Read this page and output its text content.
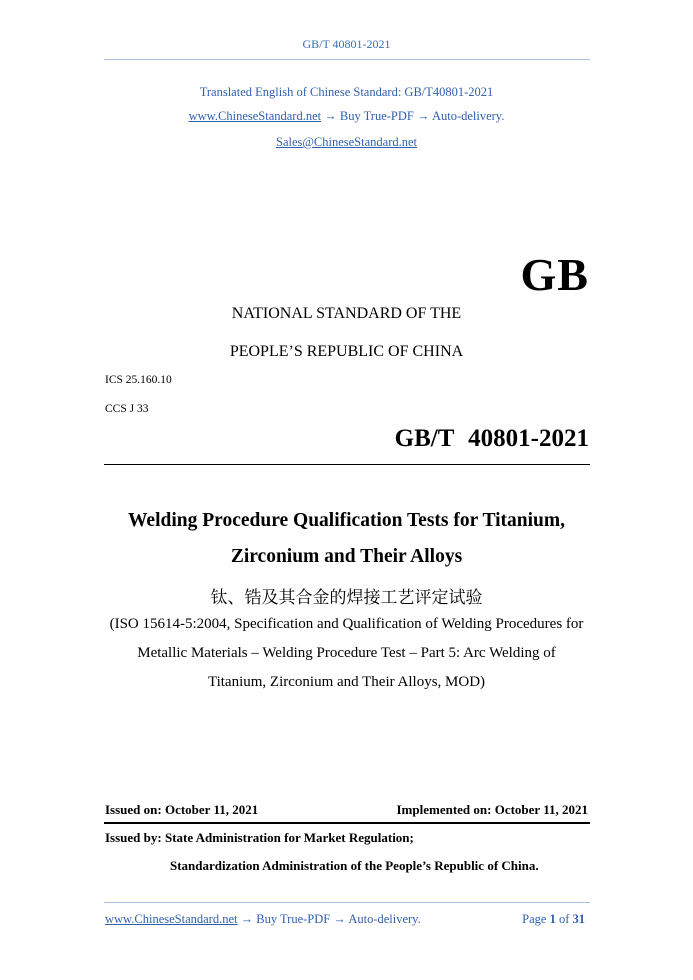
GB/T 40801-2021
Translated English of Chinese Standard: GB/T40801-2021
www.ChineseStandard.net → Buy True-PDF → Auto-delivery.
Sales@ChineseStandard.net
GB
NATIONAL STANDARD OF THE
PEOPLE’S REPUBLIC OF CHINA
ICS 25.160.10
CCS J 33
GB/T 40801-2021
Welding Procedure Qualification Tests for Titanium,
Zirconium and Their Alloys
钛、锆及其合金的焊接工艺评定试验
(ISO 15614-5:2004, Specification and Qualification of Welding Procedures for
Metallic Materials – Welding Procedure Test – Part 5: Arc Welding of
Titanium, Zirconium and Their Alloys, MOD)
Issued on: October 11, 2021	Implemented on: October 11, 2021
Issued by: State Administration for Market Regulation;
Standardization Administration of the People’s Republic of China.
www.ChineseStandard.net → Buy True-PDF → Auto-delivery.	Page 1 of 31
